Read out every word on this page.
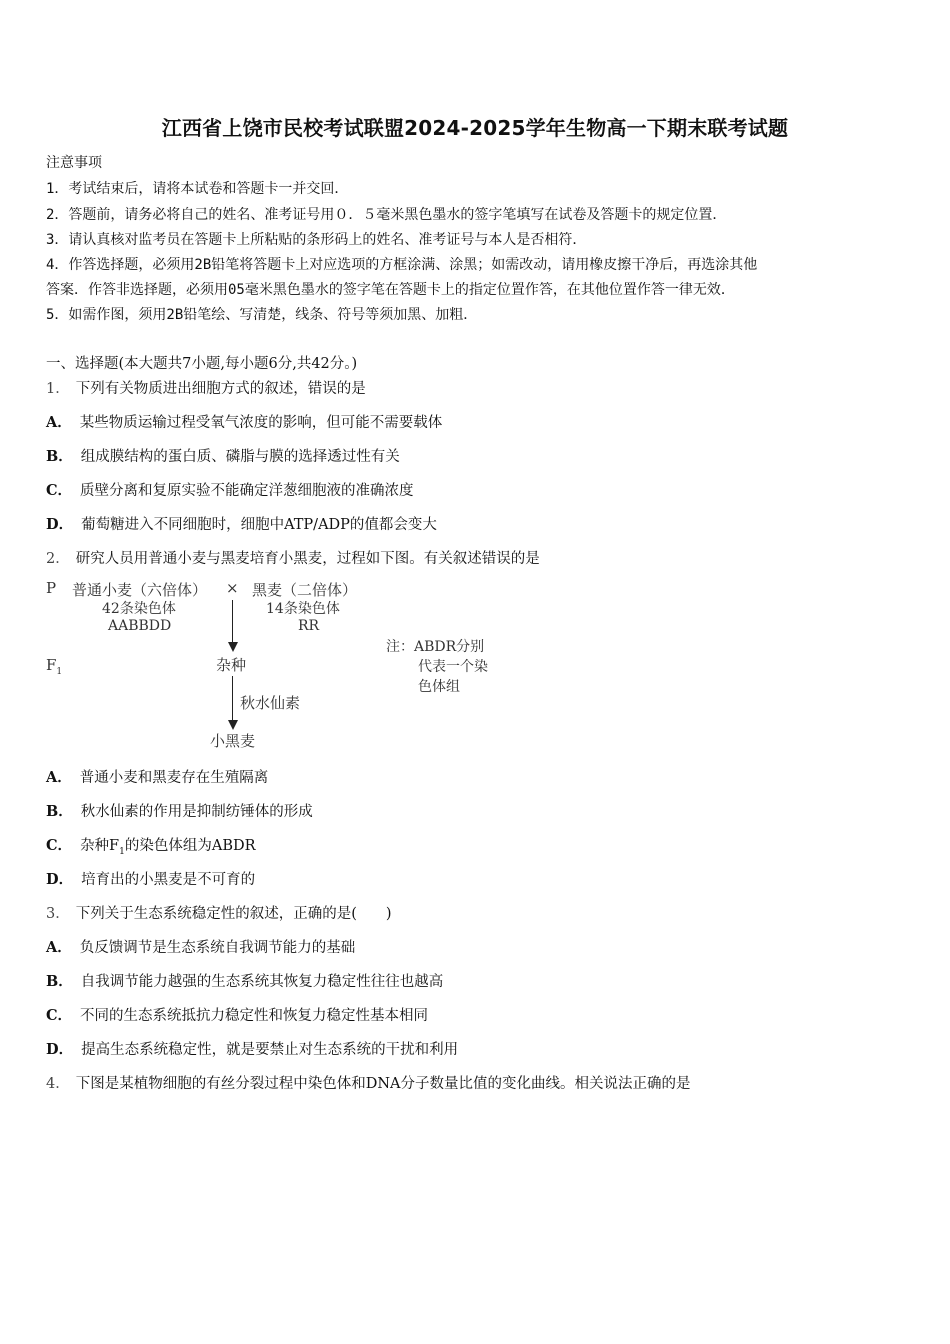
江西省上饶市民校考试联盟2024-2025学年生物高一下期末联考试题
注意事项
1．考试结束后，请将本试卷和答题卡一并交回．
2．答题前，请务必将自己的姓名、准考证号用０．５毫米黑色墨水的签字笔填写在试卷及答题卡的规定位置．
3．请认真核对监考员在答题卡上所粘贴的条形码上的姓名、准考证号与本人是否相符．
4．作答选择题，必须用2B铅笔将答题卡上对应选项的方框涂满、涂黑；如需改动，请用橡皮擦干净后，再选涂其他
答案．作答非选择题，必须用05毫米黑色墨水的签字笔在答题卡上的指定位置作答，在其他位置作答一律无效．
5．如需作图，须用2B铅笔绘、写清楚，线条、符号等须加黑、加粗．
一、选择题(本大题共7小题,每小题6分,共42分。)
1． 下列有关物质进出细胞方式的叙述，错误的是
A． 某些物质运输过程受氧气浓度的影响，但可能不需要载体
B． 组成膜结构的蛋白质、磷脂与膜的选择透过性有关
C． 质壁分离和复原实验不能确定洋葱细胞液的准确浓度
D． 葡萄糖进入不同细胞时，细胞中ATP/ADP的值都会变大
2． 研究人员用普通小麦与黑麦培育小黑麦，过程如下图。有关叙述错误的是
P 普通小麦（六倍体） × 黑麦（二倍体）
42条染色体
AABBDD
14条染色体
RR
$F_1$	杂种
秋水仙素
小黑麦
注：ABDR分别
代表一个染
色体组
A． 普通小麦和黑麦存在生殖隔离
B． 秋水仙素的作用是抑制纺锤体的形成
C． 杂种$F_1$的染色体组为ABDR
D． 培育出的小黑麦是不可育的
3． 下列关于生态系统稳定性的叙述，正确的是(　　)
A． 负反馈调节是生态系统自我调节能力的基础
B． 自我调节能力越强的生态系统其恢复力稳定性往往也越高
C． 不同的生态系统抵抗力稳定性和恢复力稳定性基本相同
D． 提高生态系统稳定性，就是要禁止对生态系统的干扰和利用
4． 下图是某植物细胞的有丝分裂过程中染色体和DNA分子数量比值的变化曲线。相关说法正确的是
